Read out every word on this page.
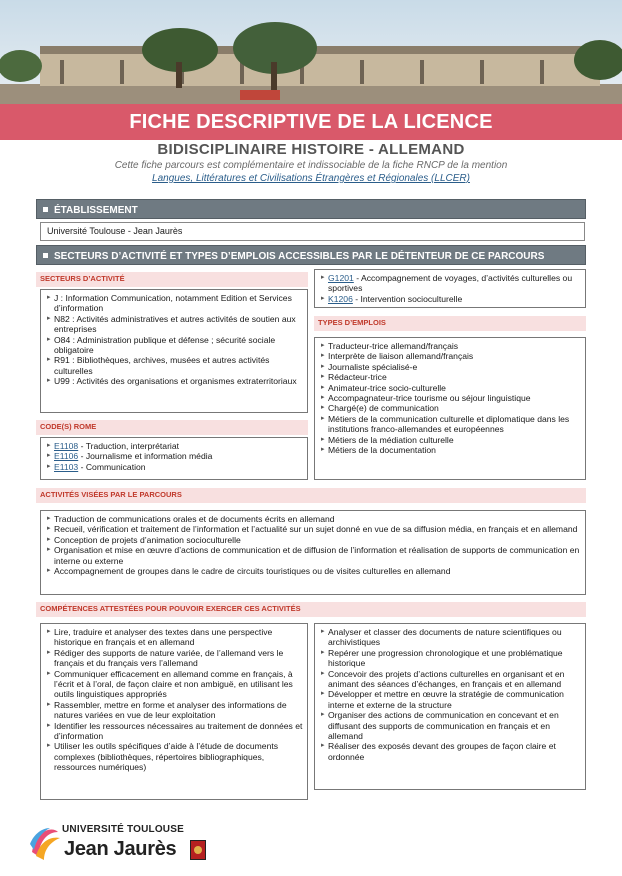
FICHE DESCRIPTIVE DE LA LICENCE
BIDISCIPLINAIRE HISTOIRE - ALLEMAND
Cette fiche parcours est complémentaire et indissociable de la fiche RNCP de la mention
Langues, Littératures et Civilisations Étrangères et Régionales (LLCER)
ÉTABLISSEMENT
Université Toulouse - Jean Jaurès
SECTEURS D’ACTIVITÉ ET TYPES D’EMPLOIS ACCESSIBLES PAR LE DÉTENTEUR DE CE PARCOURS
SECTEURS D’ACTIVITÉ
▸ J : Information Communication, notamment Edition et Services d’information
▸ N82 : Activités administratives et autres activités de soutien aux entreprises
▸ O84 : Administration publique et défense ; sécurité sociale obligatoire
▸ R91 : Bibliothèques, archives, musées et autres activités culturelles
▸ U99 : Activités des organisations et organismes extraterritoriaux
CODE(S) ROME
▸ E1108 - Traduction, interprétariat
▸ E1106 - Journalisme et information média
▸ E1103 - Communication
▸ G1201 - Accompagnement de voyages, d’activités culturelles ou sportives
▸ K1206 - Intervention socioculturelle
TYPES D’EMPLOIS
▸ Traducteur-trice allemand/français
▸ Interprète de liaison allemand/français
▸ Journaliste spécialisé-e
▸ Rédacteur-trice
▸ Animateur-trice socio-culturelle
▸ Accompagnateur-trice tourisme ou séjour linguistique
▸ Chargé(e) de communication
▸ Métiers de la communication culturelle et diplomatique dans les institutions franco-allemandes et européennes
▸ Métiers de la médiation culturelle
▸ Métiers de la documentation
ACTIVITÉS VISÉES PAR LE PARCOURS
▸ Traduction de communications orales et de documents écrits en allemand
▸ Recueil, vérification et traitement de l’information et l’actualité sur un sujet donné en vue de sa diffusion média, en français et en allemand
▸ Conception de projets d’animation socioculturelle
▸ Organisation et mise en œuvre d’actions de communication et de diffusion de l’information et réalisation de supports de communication en interne ou externe
▸ Accompagnement de groupes dans le cadre de circuits touristiques ou de visites culturelles en allemand
COMPÉTENCES ATTESTÉES POUR POUVOIR EXERCER CES ACTIVITÉS
▸ Lire, traduire et analyser des textes dans une perspective historique en français et en allemand
▸ Rédiger des supports de nature variée, de l’allemand vers le français et du français vers l’allemand
▸ Communiquer efficacement en allemand comme en français, à l’écrit et à l’oral, de façon claire et non ambiguë, en utilisant les outils linguistiques appropriés
▸ Rassembler, mettre en forme et analyser des informations de natures variées en vue de leur exploitation
▸ Identifier les ressources nécessaires au traitement de données et d’information
▸ Utiliser les outils spécifiques d’aide à l’étude de documents complexes (bibliothèques, répertoires bibliographiques, ressources numériques)
▸ Analyser et classer des documents de nature scientifiques ou archivistiques
▸ Repérer une progression chronologique et une problématique historique
▸ Concevoir des projets d’actions culturelles en organisant et en animant des séances d’échanges, en français et en allemand
▸ Développer et mettre en œuvre la stratégie de communication interne et externe de la structure
▸ Organiser des actions de communication en concevant et en diffusant des supports de communication en français et en allemand
▸ Réaliser des exposés devant des groupes de façon claire et ordonnée
UNIVERSITÉ TOULOUSE
Jean Jaurès
